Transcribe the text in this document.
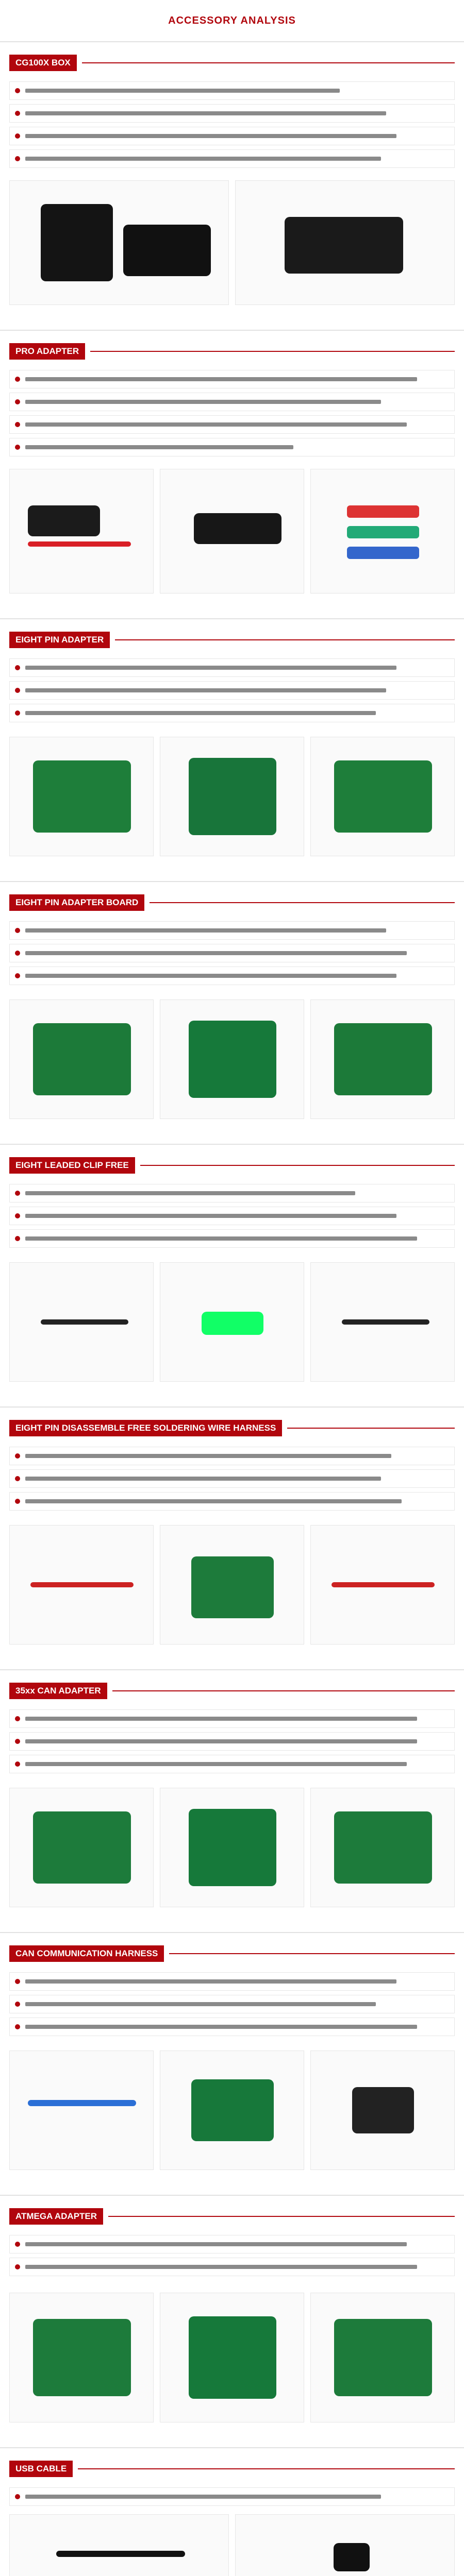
ACCESSORY ANALYSIS
CG100X BOX
PRO ADAPTER
EIGHT PIN ADAPTER
EIGHT PIN ADAPTER BOARD
EIGHT LEADED CLIP FREE
EIGHT PIN DISASSEMBLE FREE SOLDERING WIRE HARNESS
35xx CAN ADAPTER
CAN COMMUNICATION HARNESS
ATMEGA ADAPTER
USB CABLE
